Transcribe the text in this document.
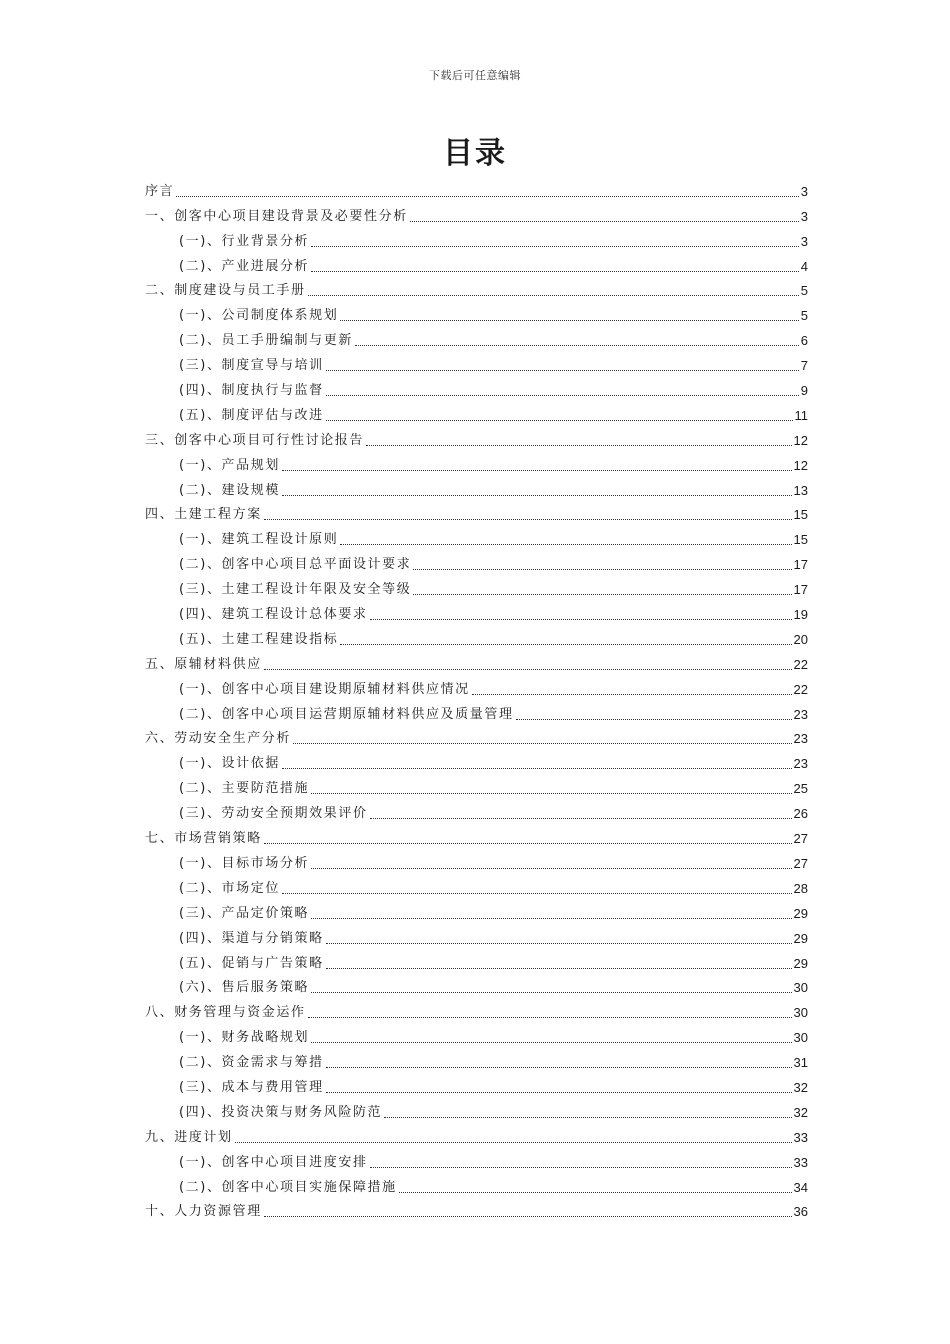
下载后可任意编辑
目录
序言	3
一、创客中心项目建设背景及必要性分析	3
(一)、行业背景分析	3
(二)、产业进展分析	4
二、制度建设与员工手册	5
(一)、公司制度体系规划	5
(二)、员工手册编制与更新	6
(三)、制度宣导与培训	7
(四)、制度执行与监督	9
(五)、制度评估与改进	11
三、创客中心项目可行性讨论报告	12
(一)、产品规划	12
(二)、建设规模	13
四、土建工程方案	15
(一)、建筑工程设计原则	15
(二)、创客中心项目总平面设计要求	17
(三)、土建工程设计年限及安全等级	17
(四)、建筑工程设计总体要求	19
(五)、土建工程建设指标	20
五、原辅材料供应	22
(一)、创客中心项目建设期原辅材料供应情况	22
(二)、创客中心项目运营期原辅材料供应及质量管理	23
六、劳动安全生产分析	23
(一)、设计依据	23
(二)、主要防范措施	25
(三)、劳动安全预期效果评价	26
七、市场营销策略	27
(一)、目标市场分析	27
(二)、市场定位	28
(三)、产品定价策略	29
(四)、渠道与分销策略	29
(五)、促销与广告策略	29
(六)、售后服务策略	30
八、财务管理与资金运作	30
(一)、财务战略规划	30
(二)、资金需求与筹措	31
(三)、成本与费用管理	32
(四)、投资决策与财务风险防范	32
九、进度计划	33
(一)、创客中心项目进度安排	33
(二)、创客中心项目实施保障措施	34
十、人力资源管理	36
